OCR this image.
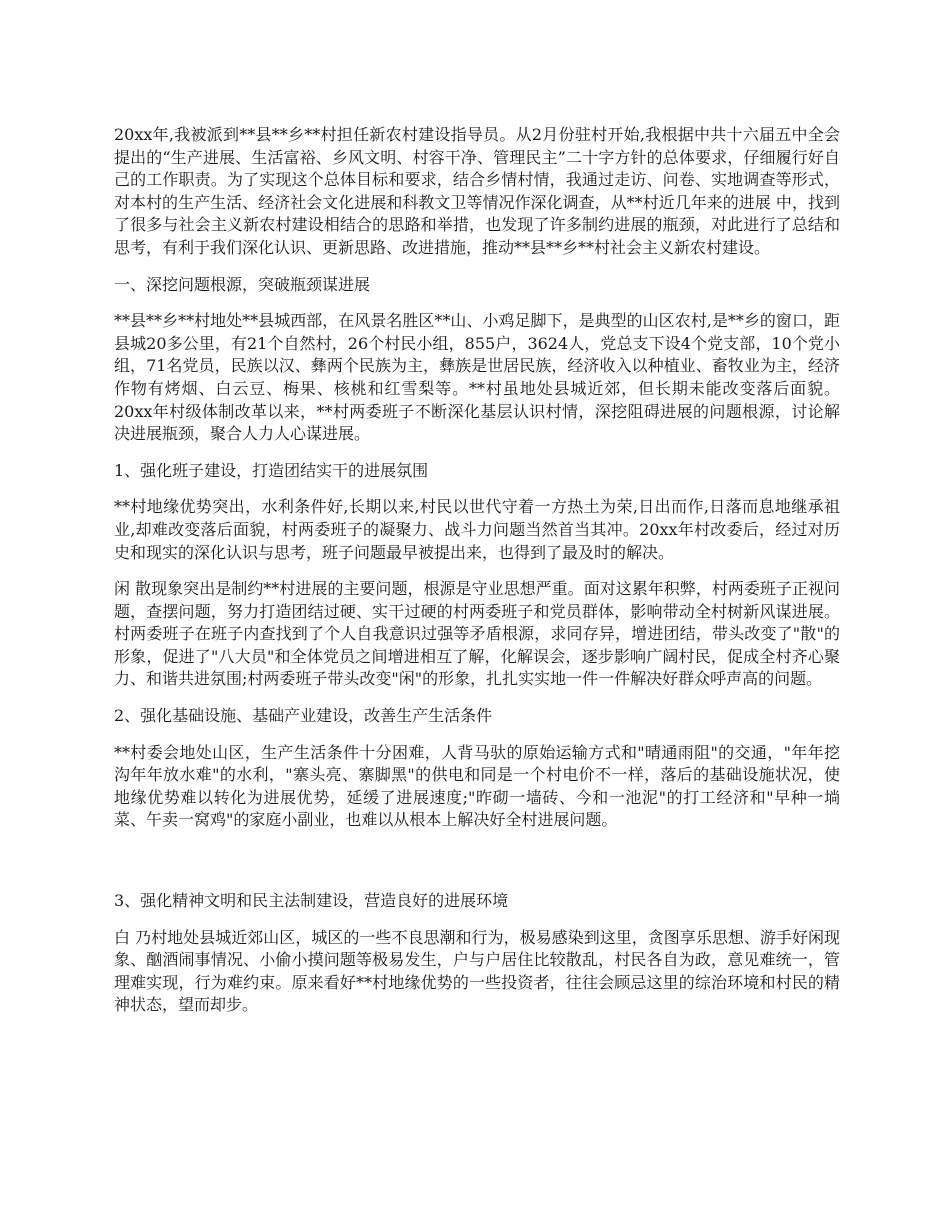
20xx年,我被派到**县**乡**村担任新农村建设指导员。从2月份驻村开始,我根据中共十六届五中全会提出的“生产进展、生活富裕、乡风文明、村容干净、管理民主”二十字方针的总体要求，仔细履行好自己的工作职责。为了实现这个总体目标和要求，结合乡情村情，我通过走访、问卷、实地调查等形式，对本村的生产生活、经济社会文化进展和科教文卫等情况作深化调查，从**村近几年来的进展 中，找到了很多与社会主义新农村建设相结合的思路和举措，也发现了许多制约进展的瓶颈，对此进行了总结和思考，有利于我们深化认识、更新思路、改进措施，推动**县**乡**村社会主义新农村建设。

一、深挖问题根源，突破瓶颈谋进展

**县**乡**村地处**县城西部，在风景名胜区**山、小鸡足脚下，是典型的山区农村,是**乡的窗口，距县城20多公里，有21个自然村，26个村民小组，855户，3624人，党总支下设4个党支部，10个党小组，71名党员，民族以汉、彝两个民族为主，彝族是世居民族，经济收入以种植业、畜牧业为主，经济作物有烤烟、白云豆、梅果、核桃和红雪梨等。**村虽地处县城近郊，但长期未能改变落后面貌。20xx年村级体制改革以来，**村两委班子不断深化基层认识村情，深挖阻碍进展的问题根源，讨论解决进展瓶颈，聚合人力人心谋进展。

1、强化班子建设，打造团结实干的进展氛围

**村地缘优势突出，水利条件好,长期以来,村民以世代守着一方热土为荣,日出而作,日落而息地继承祖业,却难改变落后面貌，村两委班子的凝聚力、战斗力问题当然首当其冲。20xx年村改委后，经过对历史和现实的深化认识与思考，班子问题最早被提出来，也得到了最及时的解决。

闲 散现象突出是制约**村进展的主要问题，根源是守业思想严重。面对这累年积弊，村两委班子正视问题，查摆问题，努力打造团结过硬、实干过硬的村两委班子和党员群体，影响带动全村树新风谋进展。村两委班子在班子内查找到了个人自我意识过强等矛盾根源，求同存异，增进团结，带头改变了"散"的形象，促进了"八大员"和全体党员之间增进相互了解，化解误会，逐步影响广阔村民，促成全村齐心聚力、和谐共进氛围;村两委班子带头改变"闲"的形象，扎扎实实地一件一件解决好群众呼声高的问题。

2、强化基础设施、基础产业建设，改善生产生活条件

**村委会地处山区，生产生活条件十分困难，人背马驮的原始运输方式和"晴通雨阻"的交通，"年年挖沟年年放水难"的水利，"寨头亮、寨脚黑"的供电和同是一个村电价不一样，落后的基础设施状况，使地缘优势难以转化为进展优势，延缓了进展速度;"昨砌一墙砖、今和一池泥"的打工经济和"早种一埫菜、午卖一窝鸡"的家庭小副业，也难以从根本上解决好全村进展问题。

3、强化精神文明和民主法制建设，营造良好的进展环境

白 乃村地处县城近郊山区，城区的一些不良思潮和行为，极易感染到这里，贪图享乐思想、游手好闲现象、酗酒闹事情况、小偷小摸问题等极易发生，户与户居住比较散乱，村民各自为政，意见难统一，管理难实现，行为难约束。原来看好**村地缘优势的一些投资者，往往会顾忌这里的综治环境和村民的精神状态，望而却步。
